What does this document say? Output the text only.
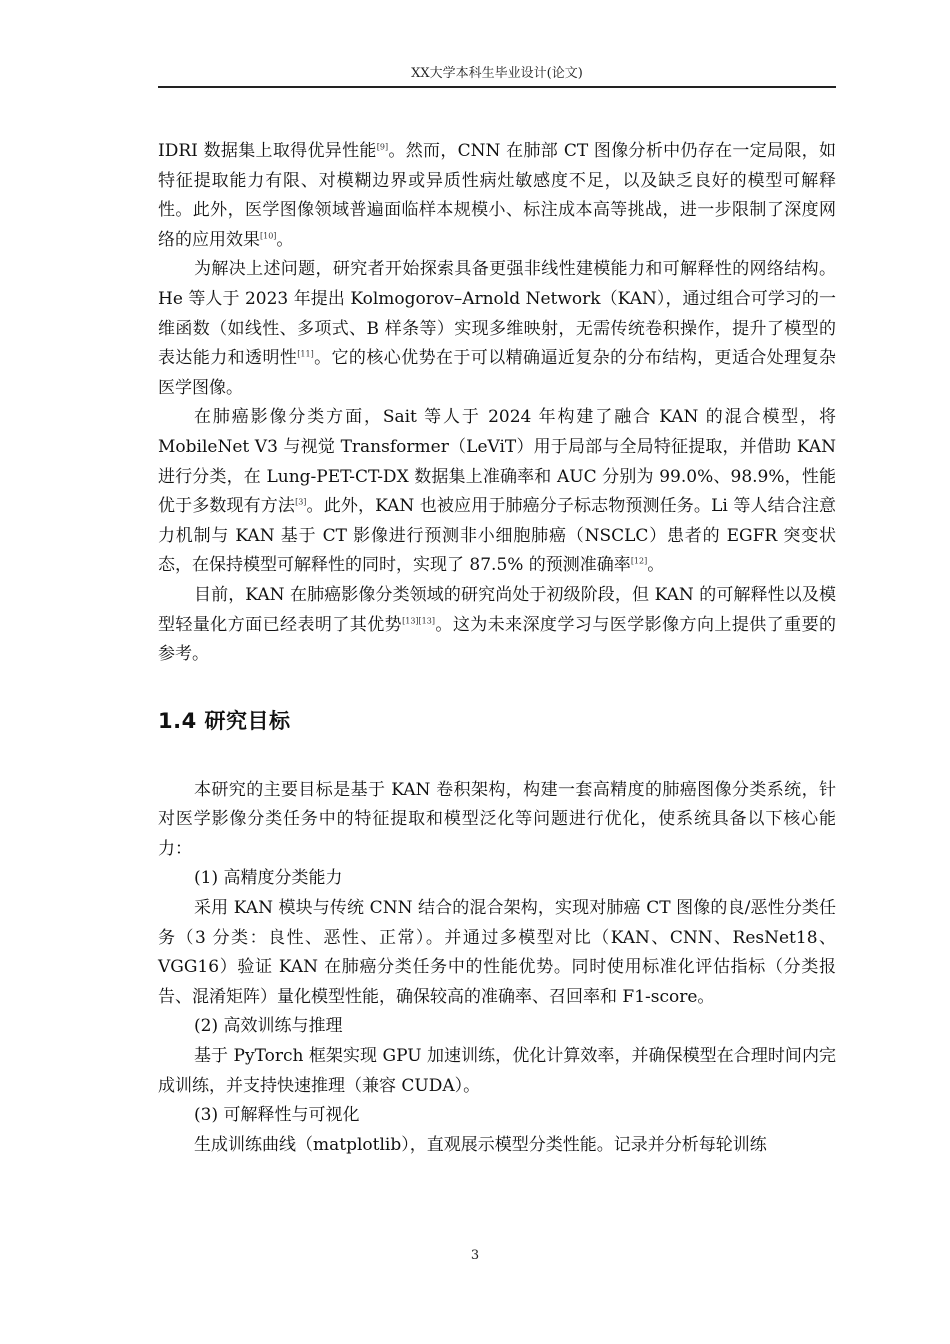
XX大学本科生毕业设计(论文)

IDRI 数据集上取得优异性能[9]。然而，CNN 在肺部 CT 图像分析中仍存在一定局限，如特征提取能力有限、对模糊边界或异质性病灶敏感度不足，以及缺乏良好的模型可解释性。此外，医学图像领域普遍面临样本规模小、标注成本高等挑战，进一步限制了深度网络的应用效果[10]。

为解决上述问题，研究者开始探索具备更强非线性建模能力和可解释性的网络结构。He 等人于 2023 年提出 Kolmogorov–Arnold Network（KAN），通过组合可学习的一维函数（如线性、多项式、B 样条等）实现多维映射，无需传统卷积操作，提升了模型的表达能力和透明性[11]。它的核心优势在于可以精确逼近复杂的分布结构，更适合处理复杂医学图像。

在肺癌影像分类方面，Sait 等人于 2024 年构建了融合 KAN 的混合模型，将 MobileNet V3 与视觉 Transformer（LeViT）用于局部与全局特征提取，并借助 KAN 进行分类，在 Lung-PET-CT-DX 数据集上准确率和 AUC 分别为 99.0%、98.9%，性能优于多数现有方法[3]。此外，KAN 也被应用于肺癌分子标志物预测任务。Li 等人结合注意力机制与 KAN 基于 CT 影像进行预测非小细胞肺癌（NSCLC）患者的 EGFR 突变状态，在保持模型可解释性的同时，实现了 87.5% 的预测准确率[12]。

目前，KAN 在肺癌影像分类领域的研究尚处于初级阶段，但 KAN 的可解释性以及模型轻量化方面已经表明了其优势[13][13]。这为未来深度学习与医学影像方向上提供了重要的参考。

1.4 研究目标

本研究的主要目标是基于 KAN 卷积架构，构建一套高精度的肺癌图像分类系统，针对医学影像分类任务中的特征提取和模型泛化等问题进行优化，使系统具备以下核心能力：

(1) 高精度分类能力

采用 KAN 模块与传统 CNN 结合的混合架构，实现对肺癌 CT 图像的良/恶性分类任务（3 分类：良性、恶性、正常）。并通过多模型对比（KAN、CNN、ResNet18、VGG16）验证 KAN 在肺癌分类任务中的性能优势。同时使用标准化评估指标（分类报告、混淆矩阵）量化模型性能，确保较高的准确率、召回率和 F1-score。

(2) 高效训练与推理

基于 PyTorch 框架实现 GPU 加速训练，优化计算效率，并确保模型在合理时间内完成训练，并支持快速推理（兼容 CUDA）。

(3) 可解释性与可视化

生成训练曲线（matplotlib），直观展示模型分类性能。记录并分析每轮训练

3
